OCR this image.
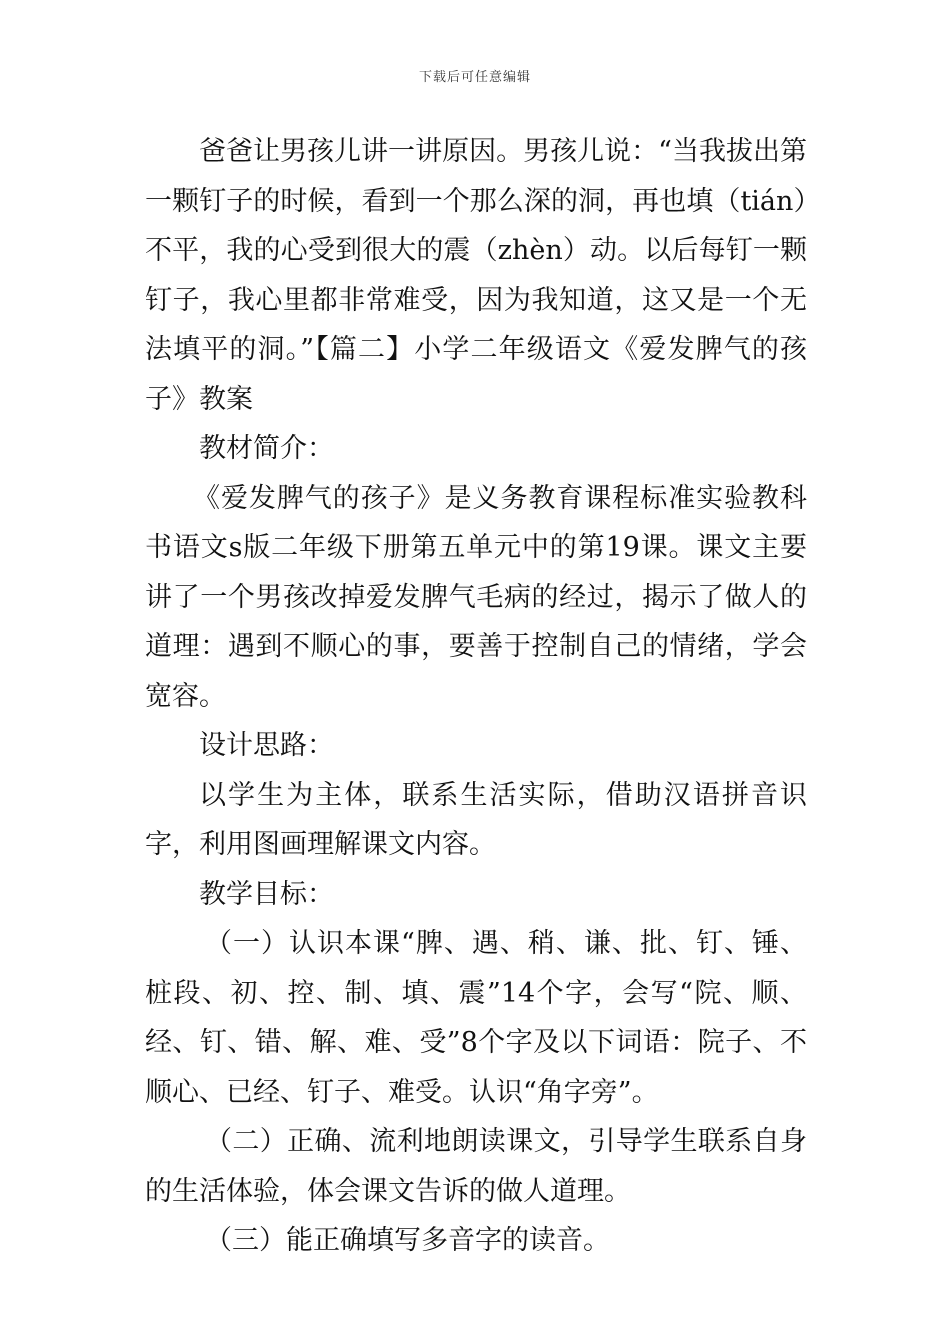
下载后可任意编辑

爸爸让男孩儿讲一讲原因。男孩儿说：“当我拔出第一颗钉子的时候，看到一个那么深的洞，再也填（tián）不平，我的心受到很大的震（zhèn）动。以后每钉一颗钉子，我心里都非常难受，因为我知道，这又是一个无法填平的洞。”【篇二】小学二年级语文《爱发脾气的孩子》教案

教材简介：

《爱发脾气的孩子》是义务教育课程标准实验教科书语文s版二年级下册第五单元中的第19课。课文主要讲了一个男孩改掉爱发脾气毛病的经过，揭示了做人的道理：遇到不顺心的事，要善于控制自己的情绪，学会宽容。

设计思路：

以学生为主体，联系生活实际，借助汉语拼音识字，利用图画理解课文内容。

教学目标：

（一）认识本课“脾、遇、稍、谦、批、钉、锤、桩段、初、控、制、填、震”14个字，会写“院、顺、经、钉、错、解、难、受”8个字及以下词语：院子、不顺心、已经、钉子、难受。认识“角字旁”。

（二）正确、流利地朗读课文，引导学生联系自身的生活体验，体会课文告诉的做人道理。

（三）能正确填写多音字的读音。
